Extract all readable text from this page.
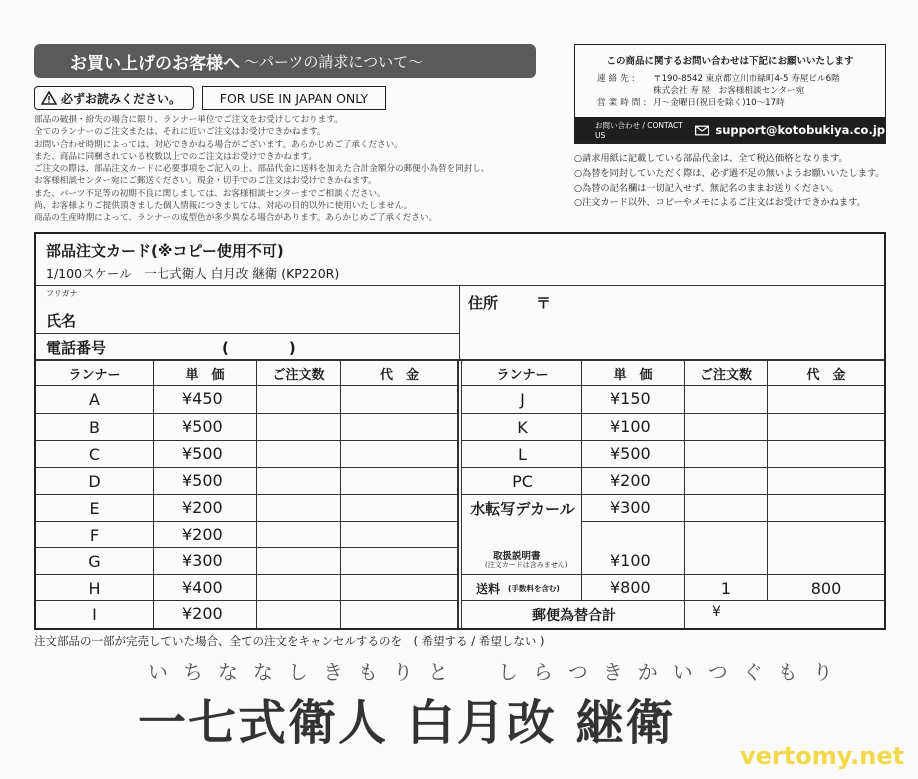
お買い上げのお客様へ ～パーツの請求について～
必ずお読みください。	FOR USE IN JAPAN ONLY
部品の破損・紛失の場合に限り、ランナー単位でご注文をお受けしております。
全てのランナーのご注文または、それに近いご注文はお受けできかねます。
お問い合わせ時期によっては、対応できかねる場合がございます。あらかじめご了承ください。
また、商品に同梱されている枚数以上でのご注文はお受けできかねます。
ご注文の際は、部品注文カードに必要事項をご記入の上、部品代金に送料を加えた合計金額分の郵便小為替を同封し、
お客様相談センター宛にご郵送ください。現金・切手でのご注文はお受けできかねます。
また、パーツ不足等の初期不良に関しましては、お客様相談センターまでご相談ください。
尚、お客様よりご提供頂きました個人情報につきましては、対応の目的以外に使用いたしません。
商品の生産時期によって、ランナーの成型色が多少異なる場合があります。あらかじめご了承ください。
この商品に関するお問い合わせは下記にお願いいたします
連絡先:	〒190-8542 東京都立川市緑町4-5 寿屋ビル6階
株式会社 寿 屋　お客様相談センター宛
営業時間: 月～金曜日(祝日を除く)10～17時
お問い合わせ / CONTACT US	support@kotobukiya.co.jp
○請求用紙に記載している部品代金は、全て税込価格となります。
○為替を同封していただく際は、必ず過不足の無いようお願いいたします。
○為替の記名欄は一切記入せず、無記名のままお送りください。
○注文カード以外、コピーやメモによるご注文はお受けできかねます。
部品注文カード(※コピー使用不可)
1/100スケール　一七式衛人 白月改 継衛 (KP220R)
フリガナ
氏名
電話番号	(　　　　)
住所	〒
ランナー	単　価	ご注文数	代　金
A	¥450
B	¥500
C	¥500
D	¥500
E	¥200
F	¥200
G	¥300
H	¥400
I	¥200
ランナー	単　価	ご注文数	代　金
J	¥150
K	¥100
L	¥500
PC	¥200
水転写デカール	¥300
取扱説明書
(注文カードは含みません)	¥100
送料 (手数料を含む)	¥800	1	800
郵便為替合計	¥
注文部品の一部が完売していた場合、全ての注文をキャンセルするのを　( 希望する / 希望しない )
いちななしきもりと　しらつきかいつぐもり
一七式衛人 白月改 継衛
vertomy.net
